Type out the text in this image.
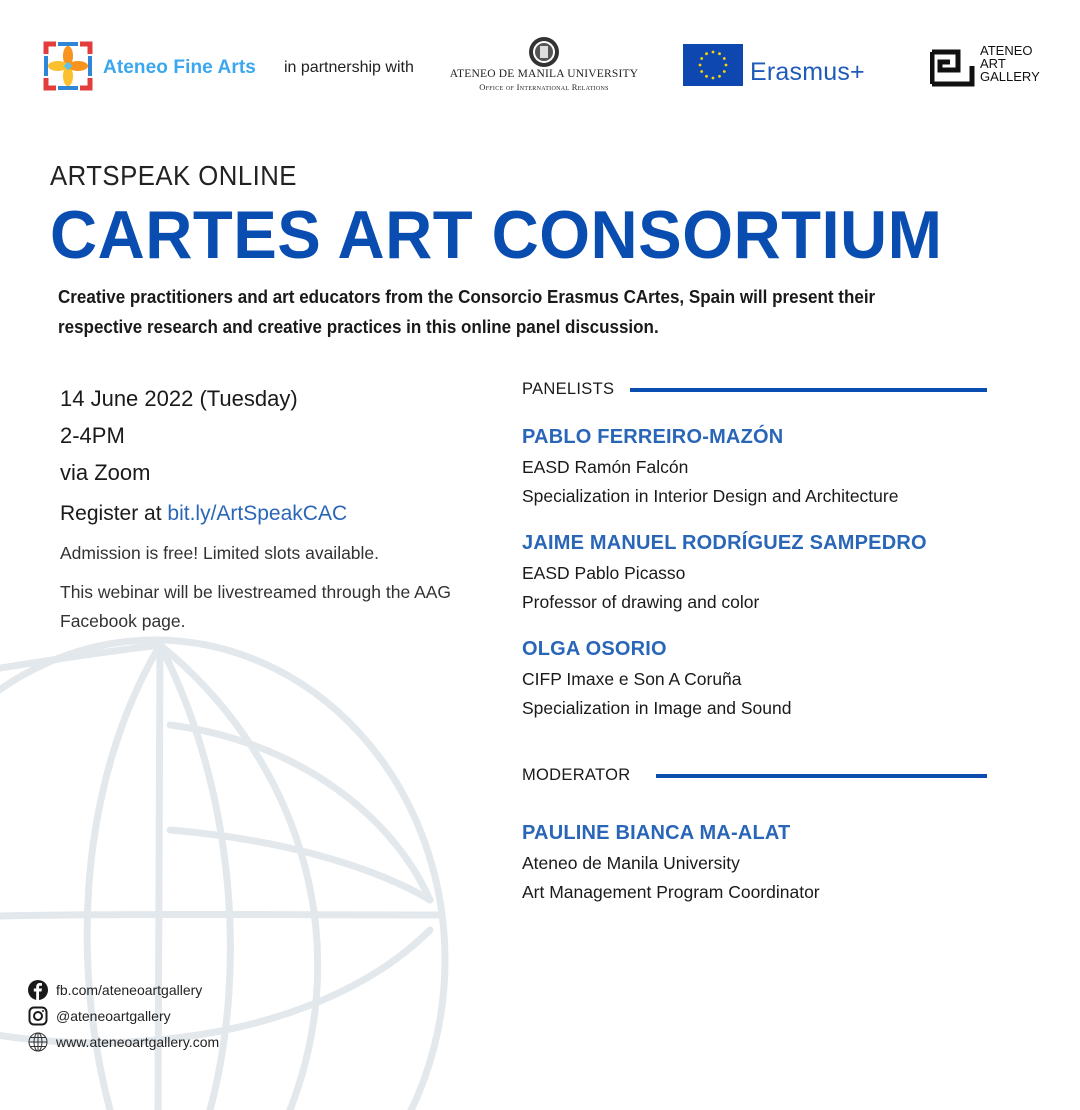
Ateneo Fine Arts in partnership with	ATENEO DE MANILA UNIVERSITY
Office of International Relations
Erasmus+
ATENEO
ART
GALLERY
ARTSPEAK ONLINE
CARTES ART CONSORTIUM
Creative practitioners and art educators from the Consorcio Erasmus CArtes, Spain will present their respective research and creative practices in this online panel discussion.
14 June 2022 (Tuesday)
2-4PM
via Zoom
Register at bit.ly/ArtSpeakCAC
Admission is free! Limited slots available.
This webinar will be livestreamed through the AAG Facebook page.
PANELISTS
PABLO FERREIRO-MAZÓN
EASD Ramón Falcón
Specialization in Interior Design and Architecture
JAIME MANUEL RODRÍGUEZ SAMPEDRO
EASD Pablo Picasso
Professor of drawing and color
OLGA OSORIO
CIFP Imaxe e Son A Coruña
Specialization in Image and Sound
MODERATOR
PAULINE BIANCA MA-ALAT
Ateneo de Manila University
Art Management Program Coordinator
fb.com/ateneoartgallery
@ateneoartgallery
www.ateneoartgallery.com
